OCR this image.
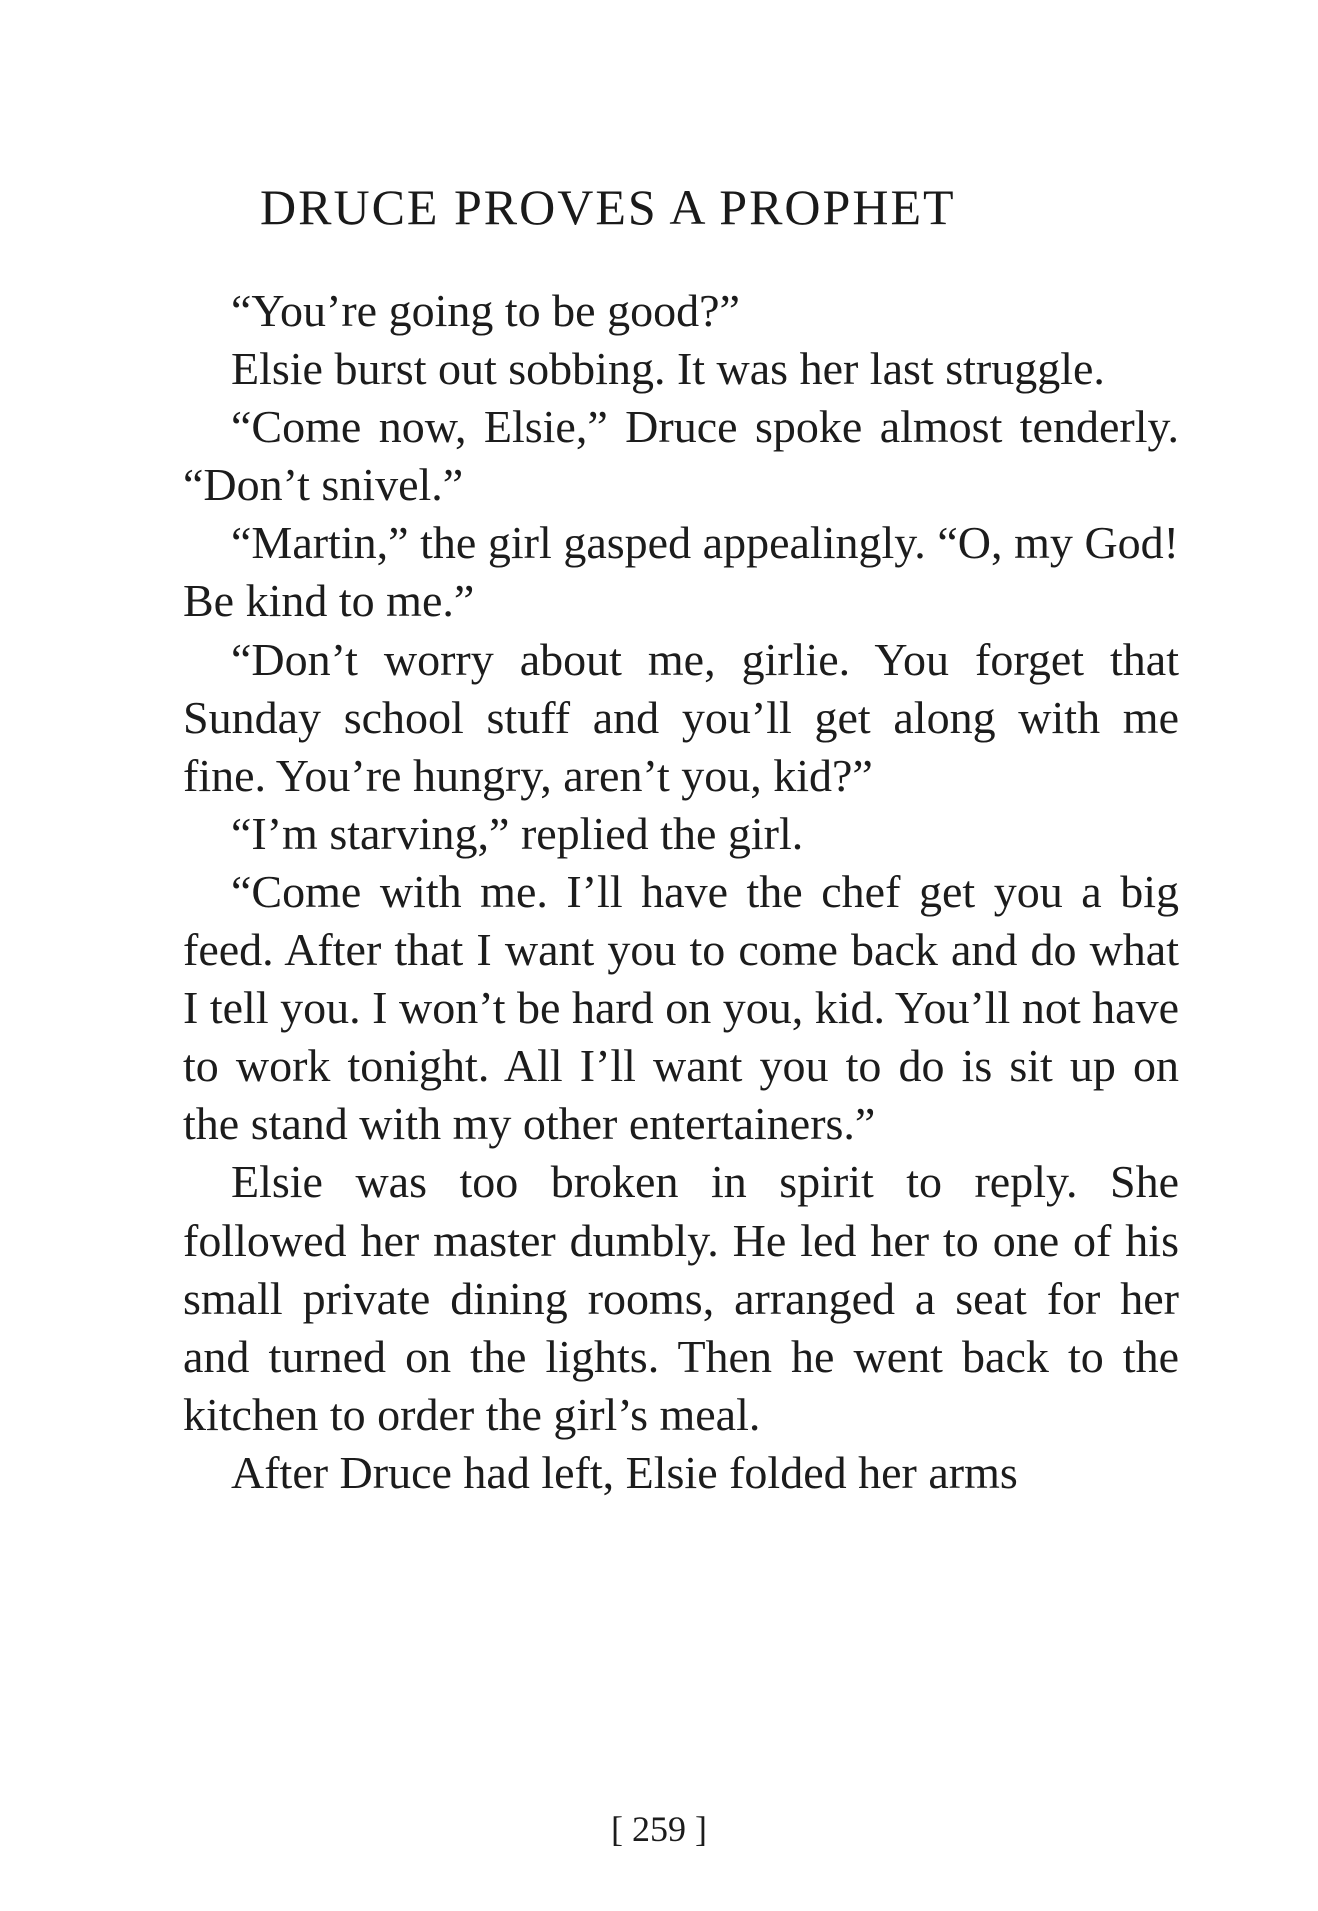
DRUCE PROVES A PROPHET

“You’re going to be good?”

Elsie burst out sobbing. It was her last struggle.

“Come now, Elsie,” Druce spoke almost tenderly. “Don’t snivel.”

“Martin,” the girl gasped appealingly. “O, my God! Be kind to me.”

“Don’t worry about me, girlie. You forget that Sunday school stuff and you’ll get along with me fine. You’re hungry, aren’t you, kid?”

“I’m starving,” replied the girl.

“Come with me. I’ll have the chef get you a big feed. After that I want you to come back and do what I tell you. I won’t be hard on you, kid. You’ll not have to work tonight. All I’ll want you to do is sit up on the stand with my other entertainers.”

Elsie was too broken in spirit to reply. She followed her master dumbly. He led her to one of his small private dining rooms, arranged a seat for her and turned on the lights. Then he went back to the kitchen to order the girl’s meal.

After Druce had left, Elsie folded her arms

[ 259 ]
